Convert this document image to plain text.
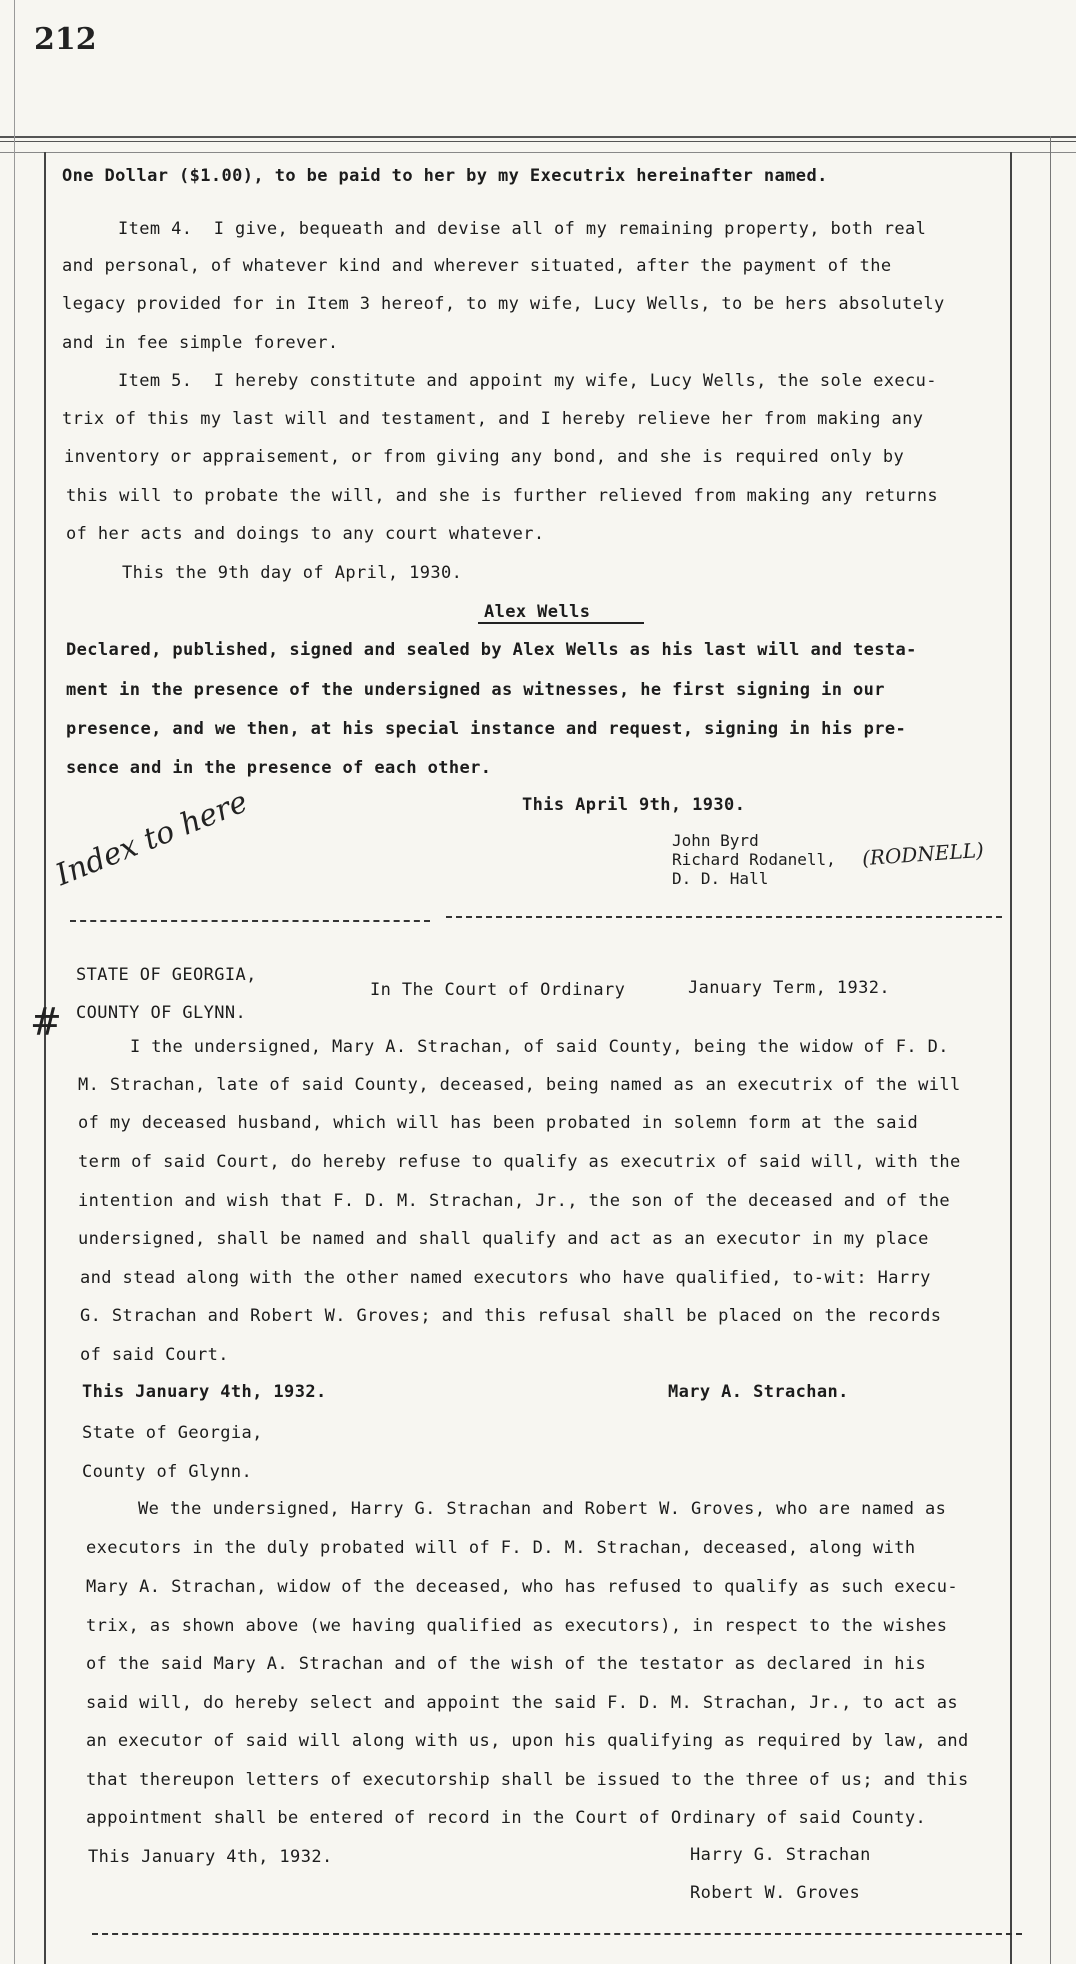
212
One Dollar ($1.00), to be paid to her by my Executrix hereinafter named.
Item 4.  I give, bequeath and devise all of my remaining property, both real
and personal, of whatever kind and wherever situated, after the payment of the
legacy provided for in Item 3 hereof, to my wife, Lucy Wells, to be hers absolutely
and in fee simple forever.
Item 5.  I hereby constitute and appoint my wife, Lucy Wells, the sole execu-
trix of this my last will and testament, and I hereby relieve her from making any
inventory or appraisement, or from giving any bond, and she is required only by
this will to probate the will, and she is further relieved from making any returns
of her acts and doings to any court whatever.
This the 9th day of April, 1930.
Alex Wells
Declared, published, signed and sealed by Alex Wells as his last will and testa-
ment in the presence of the undersigned as witnesses, he first signing in our
presence, and we then, at his special instance and request, signing in his pre-
sence and in the presence of each other.
This April 9th, 1930.
John Byrd
Richard Rodanell,
D. D. Hall
(RODNELL)
Index to here
STATE OF GEORGIA,
COUNTY OF GLYNN.
In The Court of Ordinary	January Term, 1932.
#
I the undersigned, Mary A. Strachan, of said County, being the widow of F. D.
M. Strachan, late of said County, deceased, being named as an executrix of the will
of my deceased husband, which will has been probated in solemn form at the said
term of said Court, do hereby refuse to qualify as executrix of said will, with the
intention and wish that F. D. M. Strachan, Jr., the son of the deceased and of the
undersigned, shall be named and shall qualify and act as an executor in my place
and stead along with the other named executors who have qualified, to-wit: Harry
G. Strachan and Robert W. Groves; and this refusal shall be placed on the records
of said Court.
This January 4th, 1932.	Mary A. Strachan.
State of Georgia,
County of Glynn.
We the undersigned, Harry G. Strachan and Robert W. Groves, who are named as
executors in the duly probated will of F. D. M. Strachan, deceased, along with
Mary A. Strachan, widow of the deceased, who has refused to qualify as such execu-
trix, as shown above (we having qualified as executors), in respect to the wishes
of the said Mary A. Strachan and of the wish of the testator as declared in his
said will, do hereby select and appoint the said F. D. M. Strachan, Jr., to act as
an executor of said will along with us, upon his qualifying as required by law, and
that thereupon letters of executorship shall be issued to the three of us; and this
appointment shall be entered of record in the Court of Ordinary of said County.
This January 4th, 1932.	Harry G. Strachan
Robert W. Groves
